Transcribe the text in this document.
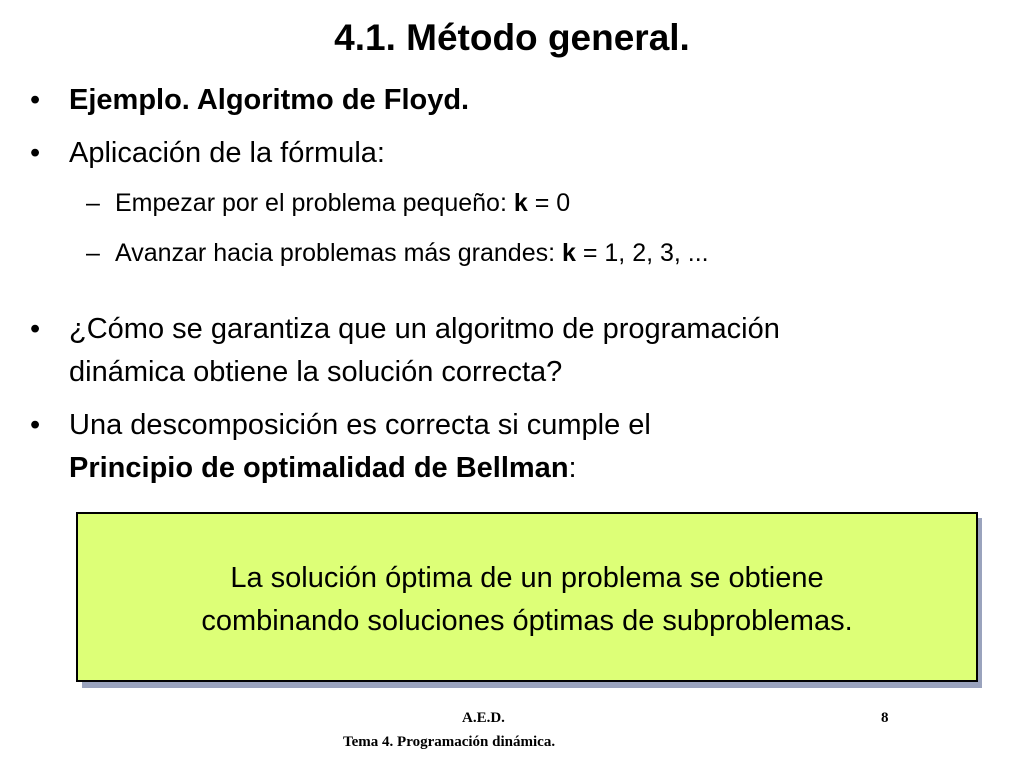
4.1. Método general.
• Ejemplo. Algoritmo de Floyd.
• Aplicación de la fórmula:
– Empezar por el problema pequeño: k = 0
– Avanzar hacia problemas más grandes: k = 1, 2, 3, ...
• ¿Cómo se garantiza que un algoritmo de programación
dinámica obtiene la solución correcta?
• Una descomposición es correcta si cumple el
Principio de optimalidad de Bellman:
La solución óptima de un problema se obtiene
combinando soluciones óptimas de subproblemas.
A.E.D.
Tema 4. Programación dinámica.
8
